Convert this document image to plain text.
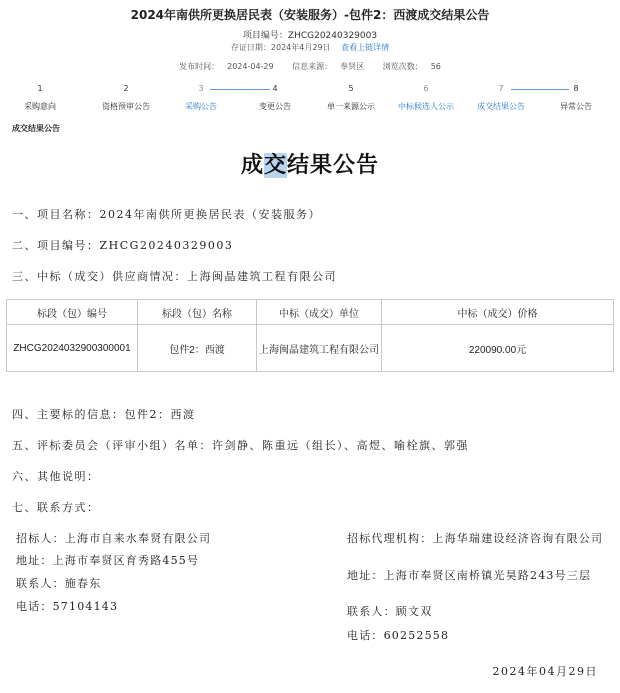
2024年南供所更换居民表（安装服务）-包件2：西渡成交结果公告
项目编号：ZHCG20240329003
存证日期：2024年4月29日 查看上链详情
发布时间： 2024-04-29 信息来源： 奉贤区 浏览次数： 56
1
采购意向
2
资格预审公告
3
采购公告
4
变更公告
5
单一来源公示
6
中标候选人公示
7
成交结果公告
8
异常公告
成交结果公告
成交结果公告
一、项目名称：2024年南供所更换居民表（安装服务）
二、项目编号：ZHCG20240329003
三、中标（成交）供应商情况：上海闽晶建筑工程有限公司
标段（包）编号	标段（包）名称	中标（成交）单位	中标（成交）价格
ZHCG2024032900300001	包件2：西渡	上海闽晶建筑工程有限公司	220090.00元
四、主要标的信息：包件2：西渡
五、评标委员会（评审小组）名单：许剑静、陈重远（组长）、高煜、喻栓旗、郭强
六、其他说明：
七、联系方式：
招标人：上海市自来水奉贤有限公司
地址：上海市奉贤区育秀路455号
联系人：施春东
电话：57104143
招标代理机构：上海华瑞建设经济咨询有限公司
地址：上海市奉贤区南桥镇光昊路243号三层
联系人：顾文双
电话：60252558
2024年04月29日
